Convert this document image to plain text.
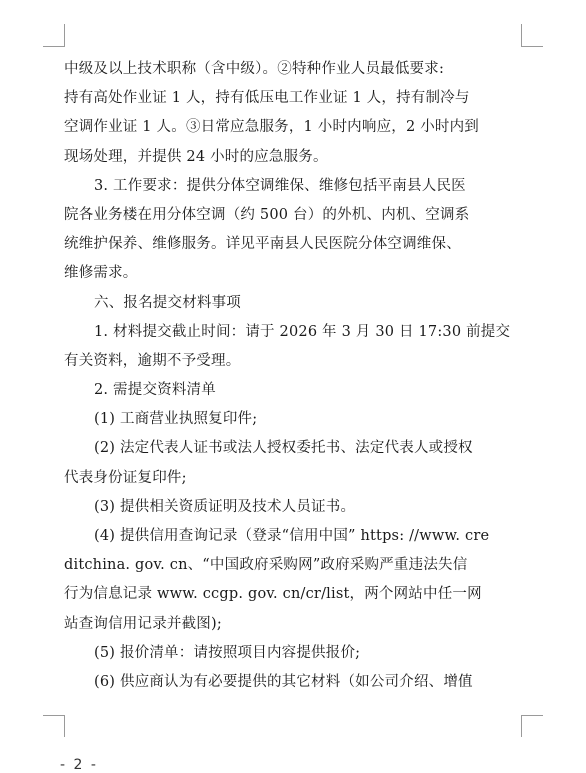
中级及以上技术职称（含中级）。②特种作业人员最低要求:
持有高处作业证 1 人，持有低压电工作业证 1 人，持有制冷与
空调作业证 1 人。③日常应急服务，1 小时内响应，2 小时内到
现场处理，并提供 24 小时的应急服务。
3. 工作要求：提供分体空调维保、维修包括平南县人民医
院各业务楼在用分体空调（约 500 台）的外机、内机、空调系
统维护保养、维修服务。详见平南县人民医院分体空调维保、
维修需求。
六、报名提交材料事项
1. 材料提交截止时间：请于 2026 年 3 月 30 日 17:30 前提交
有关资料，逾期不予受理。
2. 需提交资料清单
(1) 工商营业执照复印件;
(2) 法定代表人证书或法人授权委托书、法定代表人或授权
代表身份证复印件;
(3) 提供相关资质证明及技术人员证书。
(4) 提供信用查询记录（登录“信用中国” https: //www. cre
ditchina. gov. cn、“中国政府采购网”政府采购严重违法失信
行为信息记录 www. ccgp. gov. cn/cr/list，两个网站中任一网
站查询信用记录并截图);
(5) 报价清单：请按照项目内容提供报价;
(6) 供应商认为有必要提供的其它材料（如公司介绍、增值
- 2 -
